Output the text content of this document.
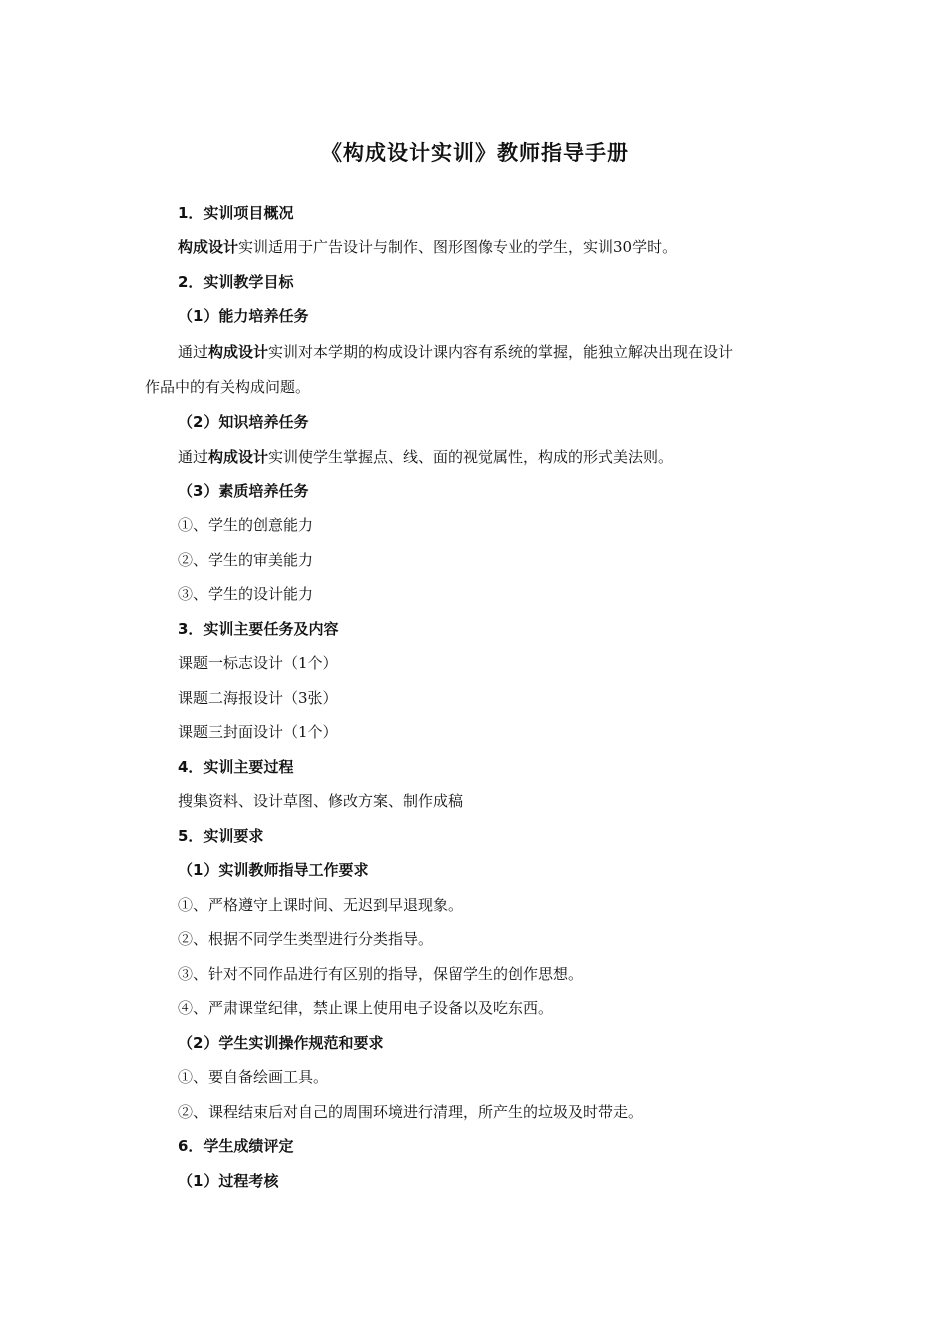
《构成设计实训》教师指导手册
1．实训项目概况
构成设计实训适用于广告设计与制作、图形图像专业的学生，实训30学时。
2．实训教学目标
（1）能力培养任务
通过构成设计实训对本学期的构成设计课内容有系统的掌握，能独立解决出现在设计
作品中的有关构成问题。
（2）知识培养任务
通过构成设计实训使学生掌握点、线、面的视觉属性，构成的形式美法则。
（3）素质培养任务
①、学生的创意能力
②、学生的审美能力
③、学生的设计能力
3．实训主要任务及内容
课题一标志设计（1个）
课题二海报设计（3张）
课题三封面设计（1个）
4．实训主要过程
搜集资料、设计草图、修改方案、制作成稿
5．实训要求
（1）实训教师指导工作要求
①、严格遵守上课时间、无迟到早退现象。
②、根据不同学生类型进行分类指导。
③、针对不同作品进行有区别的指导，保留学生的创作思想。
④、严肃课堂纪律，禁止课上使用电子设备以及吃东西。
（2）学生实训操作规范和要求
①、要自备绘画工具。
②、课程结束后对自己的周围环境进行清理，所产生的垃圾及时带走。
6．学生成绩评定
（1）过程考核
